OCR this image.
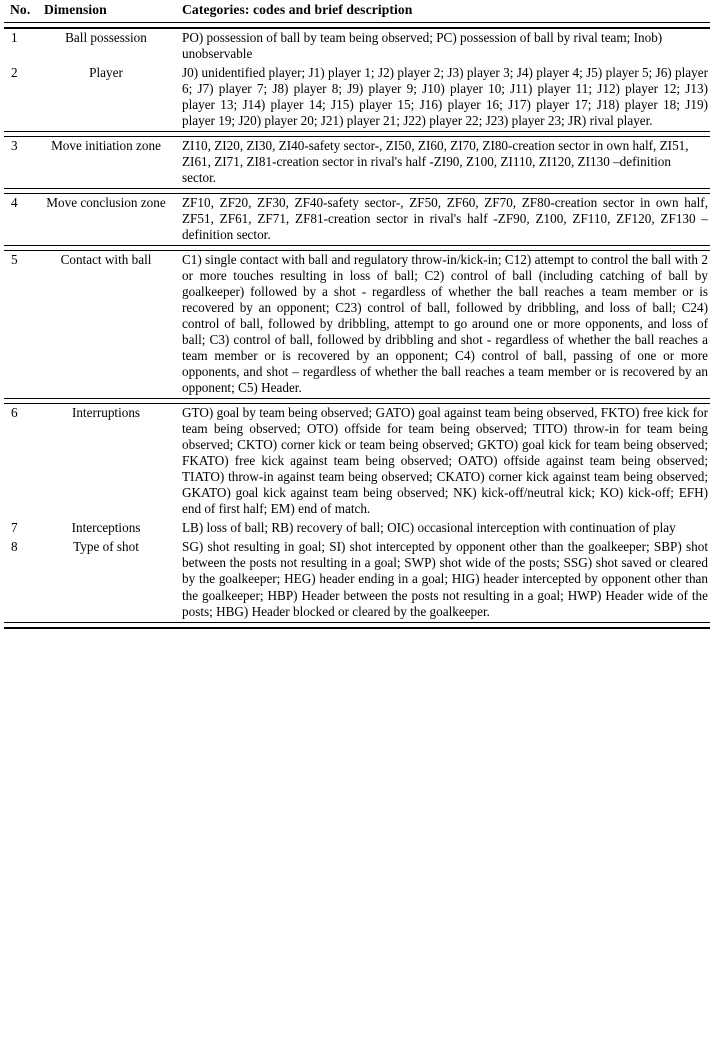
No.	Dimension	Categories: codes and brief description

1	Ball possession	PO) possession of ball by team being observed; PC) possession of ball by rival team; Inob) unobservable
2	Player	J0) unidentified player; J1) player 1; J2) player 2; J3) player 3; J4) player 4; J5) player 5; J6) player 6; J7) player 7; J8) player 8; J9) player 9; J10) player 10; J11) player 11; J12) player 12; J13) player 13; J14) player 14; J15) player 15; J16) player 16; J17) player 17; J18) player 18; J19) player 19; J20) player 20; J21) player 21; J22) player 22; J23) player 23; JR) rival player.

3	Move initiation zone	ZI10, ZI20, ZI30, ZI40-safety sector-, ZI50, ZI60, ZI70, ZI80-creation sector in own half, ZI51, ZI61, ZI71, ZI81-creation sector in rival's half -ZI90, Z100, ZI110, ZI120, ZI130 –definition sector.

4	Move conclusion zone	ZF10, ZF20, ZF30, ZF40-safety sector-, ZF50, ZF60, ZF70, ZF80-creation sector in own half, ZF51, ZF61, ZF71, ZF81-creation sector in rival's half -ZF90, Z100, ZF110, ZF120, ZF130 –definition sector.

5	Contact with ball	C1) single contact with ball and regulatory throw-in/kick-in; C12) attempt to control the ball with 2 or more touches resulting in loss of ball; C2) control of ball (including catching of ball by goalkeeper) followed by a shot - regardless of whether the ball reaches a team member or is recovered by an opponent; C23) control of ball, followed by dribbling, and loss of ball; C24) control of ball, followed by dribbling, attempt to go around one or more opponents, and loss of ball; C3) control of ball, followed by dribbling and shot - regardless of whether the ball reaches a team member or is recovered by an opponent; C4) control of ball, passing of one or more opponents, and shot – regardless of whether the ball reaches a team member or is recovered by an opponent; C5) Header.

6	Interruptions	GTO) goal by team being observed; GATO) goal against team being observed, FKTO) free kick for team being observed; OTO) offside for team being observed; TITO) throw-in for team being observed; CKTO) corner kick or team being observed; GKTO) goal kick for team being observed; FKATO) free kick against team being observed; OATO) offside against team being observed; TIATO) throw-in against team being observed; CKATO) corner kick against team being observed; GKATO) goal kick against team being observed; NK) kick-off/neutral kick; KO) kick-off; EFH) end of first half; EM) end of match.
7	Interceptions	LB) loss of ball; RB) recovery of ball; OIC) occasional interception with continuation of play
8	Type of shot	SG) shot resulting in goal; SI) shot intercepted by opponent other than the goalkeeper; SBP) shot between the posts not resulting in a goal; SWP) shot wide of the posts; SSG) shot saved or cleared by the goalkeeper; HEG) header ending in a goal; HIG) header intercepted by opponent other than the goalkeeper; HBP) Header between the posts not resulting in a goal; HWP) Header wide of the posts; HBG) Header blocked or cleared by the goalkeeper.
